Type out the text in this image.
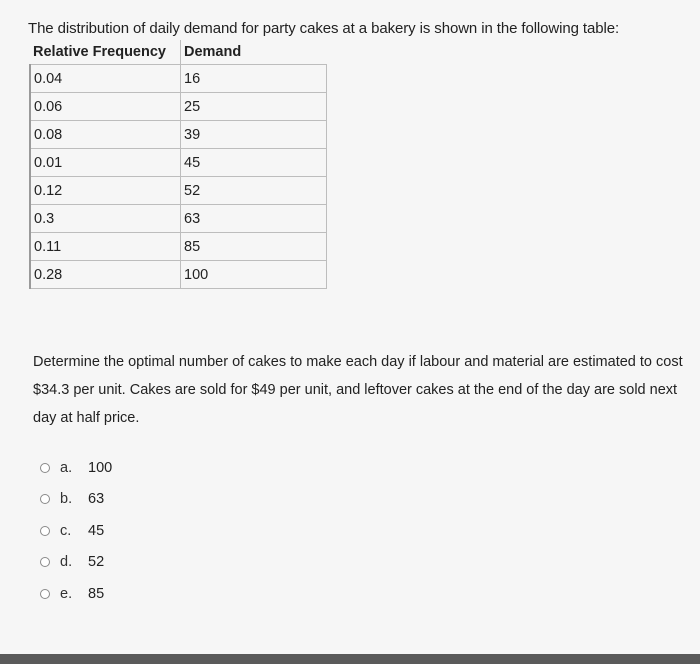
The distribution of daily demand for party cakes at a bakery is shown in the following table:
Relative Frequency	Demand
0.04	16
0.06	25
0.08	39
0.01	45
0.12	52
0.3	63
0.11	85
0.28	100
Determine the optimal number of cakes to make each day if labour and material are estimated to cost $34.3 per unit. Cakes are sold for $49 per unit, and leftover cakes at the end of the day are sold next day at half price.
a.	100
b.	63
c.	45
d.	52
e.	85
